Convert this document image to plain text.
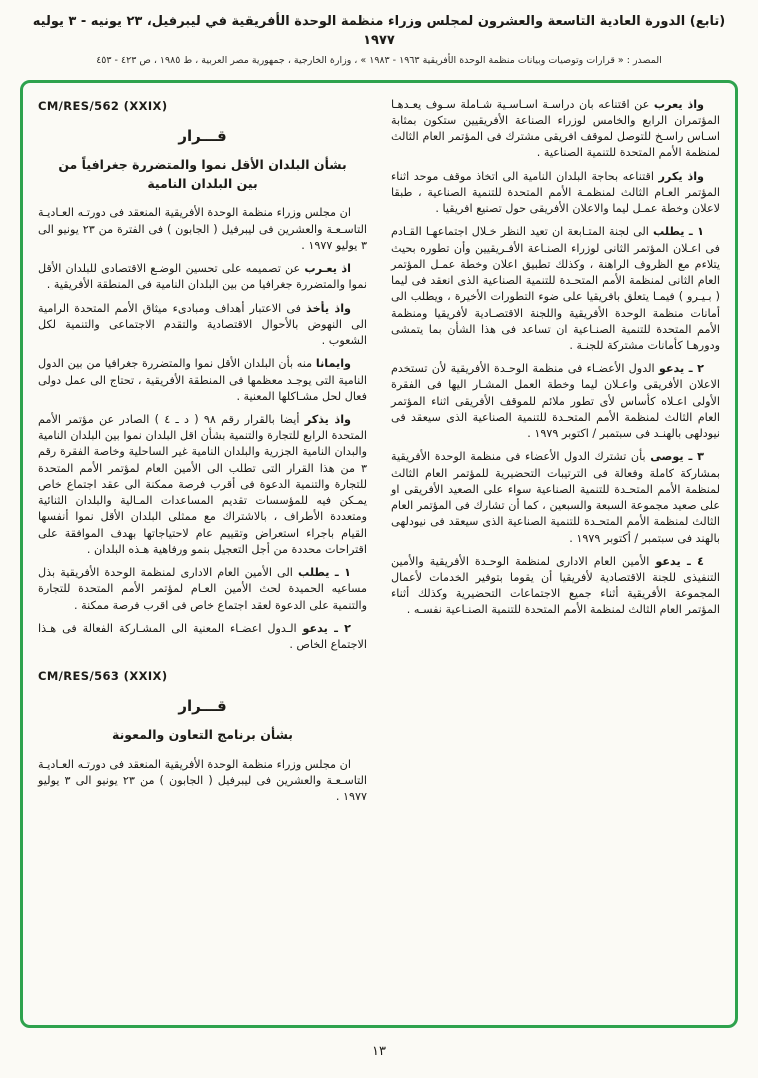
(تابع) الدورة العادية التاسعة والعشرون لمجلس وزراء منظمة الوحدة الأفريقية في ليبرفيل، ٢٣ يونيه - ٣ يوليه ١٩٧٧
المصدر : « قرارات وتوصيات وبيانات منظمة الوحدة الأفريقية ١٩٦٣ - ١٩٨٣ » ، وزارة الخارجية ، جمهورية مصر العربية ، ط ١٩٨٥ ، ص ٤٢٣ - ٤٥٣

واذ يعرب عن اقتناعه بان دراسـة اسـاسـية شـاملة سـوف يعـدهـا المؤتمران الرابع والخامس لوزراء الصناعة الأفريقيين ستكون بمثابة اسـاس راسـخ للتوصل لموقف افريقى مشترك فى المؤتمر العام الثالث لمنظمة الأمم المتحدة للتنمية الصناعية .

واذ يكرر اقتناعه بحاجة البلدان النامية الى اتخاذ موقف موحد اثناء المؤتمر العـام الثالث لمنظمـة الأمم المتحدة للتنمية الصناعية ، طبقا لاعلان وخطة عمـل ليما والاعلان الأفريقى حول تصنيع افريقيا .

١ ـ يطلب الى لجنة المتـابعة ان تعيد النظر خـلال اجتماعهـا القـادم فى اعـلان المؤتمر الثانى لوزراء الصنـاعة الأفـريقيين وأن تطوره بحيث يتلاءم مع الظروف الراهنة ، وكذلك تطبيق اعلان وخطة عمـل المؤتمر العام الثانى لمنظمة الأمم المتحـدة للتنمية الصناعية الذى انعقد فى ليما ( بـيـرو ) فيمـا يتعلق بافريقيا على ضوء التطورات الأخيرة ، ويطلب الى أمانات منظمة الوحدة الأفريقية واللجنة الاقتصـادية لأفريقيا ومنظمة الأمم المتحدة للتنمية الصنـاعية ان تساعد فى هذا الشأن بما يتمشى ودورهـا كأمانات مشتركة للجنـة .

٢ ـ يدعو الدول الأعضـاء فى منظمة الوحـدة الأفريقية لأن تستخدم الاعلان الأفريقى واعـلان ليما وخطة العمل المشـار اليها فى الفقرة الأولى اعـلاه كأساس لأى تطور ملائم للموقف الأفريقى اثناء المؤتمر العام الثالث لمنظمة الأمم المتحـدة للتنمية الصناعية الذى سيعقد فى نيودلهى بالهنـد فى سبتمبر / اكتوبر ١٩٧٩ .

٣ ـ يوصى بأن تشترك الدول الأعضاء فى منظمة الوحدة الأفريقية بمشاركة كاملة وفعالة فى الترتيبات التحضيرية للمؤتمر العام الثالث لمنظمة الأمم المتحـدة للتنمية الصناعية سواء على الصعيد الأفريقى او على صعيد مجموعة السبعة والسبعين ، كما أن تشارك فى المؤتمر العام الثالث لمنظمة الأمم المتحـدة للتنمية الصناعية الذى سيعقد فى نيودلهى بالهند فى سبتمبر / أكتوبر ١٩٧٩ .

٤ ـ يدعو الأمين العام الادارى لمنظمة الوحـدة الأفريقية والأمين التنفيذى للجنة الاقتصادية لأفريقيا أن يقوما بتوفير الخدمات لأعمال المجموعة الأفريقية أثناء جميع الاجتماعات التحضيرية وكذلك أثناء المؤتمر العام الثالث لمنظمة الأمم المتحدة للتنمية الصنـاعية نفسـه .

CM/RES/562 (XXIX)
قـــرار
بشأن البلدان الأقل نموا والمتضررة جغرافياً من بين البلدان النامية

ان مجلس وزراء منظمة الوحدة الأفريقية المنعقد فى دورتـه العـاديـة التاسـعـة والعشرين فى ليبرفيل ( الجابون ) فى الفترة من ٢٣ يونيو الى ٣ يوليو ١٩٧٧ .

اذ يعـرب عن تصميمه على تحسين الوضـع الاقتصادى للبلدان الأقل نموا والمتضررة جغرافيا من بين البلدان النامية فى المنطقة الأفريقية .

واذ يأخذ فى الاعتبار أهداف ومبادىء ميثاق الأمم المتحدة الرامية الى النهوض بالأحوال الاقتصادية والتقدم الاجتماعى والتنمية لكل الشعوب .

وايمانا منه بأن البلدان الأقل نموا والمتضررة جغرافيا من بين الدول النامية التى يوجـد معظمها فى المنطقة الأفريقية ، تحتاج الى عمل دولى فعال لحل مشـاكلها المعنية .

واذ يذكر أيضا بالقرار رقم ٩٨ ( د ـ ٤ ) الصادر عن مؤتمر الأمم المتحدة الرابع للتجارة والتنمية بشأن اقل البلدان نموا بين البلدان النامية والبدان النامية الجزرية والبلدان النامية غير الساحلية وخاصة الفقرة رقم ٣ من هذا القرار التى تطلب الى الأمين العام لمؤتمر الأمم المتحدة للتجارة والتنمية الدعوة فى أقرب فرصة ممكنة الى عقد اجتماع خاص يمـكن فيه للمؤسسات تقديم المساعدات المـالية والبلدان الثنائية ومتعددة الأطراف ، بالاشتراك مع ممثلى البلدان الأقل نموا أنفسها القيام باجراء استعراض وتقييم عام لاحتياجاتها بهدف الموافقة على اقتراحات محددة من أجل التعجيل بنمو ورفاهية هـذه البلدان .

١ ـ يطلب الى الأمين العام الادارى لمنظمة الوحدة الأفريقية بذل مساعيه الحميدة لحث الأمين العـام لمؤتمر الأمم المتحدة للتجارة والتنمية على الدعوة لعقد اجتماع خاص فى اقرب فرصة ممكنة .

٢ ـ يدعو الـدول اعضـاء المعنية الى المشـاركة الفعالة فى هـذا الاجتماع الخاص .

CM/RES/563 (XXIX)
قـــرار
بشأن برنامج التعاون والمعونة

ان مجلس وزراء منظمة الوحدة الأفريقية المنعقد فى دورتـه العـاديـة التاسـعـة والعشرين فى ليبرفيل ( الجابون ) من ٢٣ يونيو الى ٣ يوليو ١٩٧٧ .

١٣
